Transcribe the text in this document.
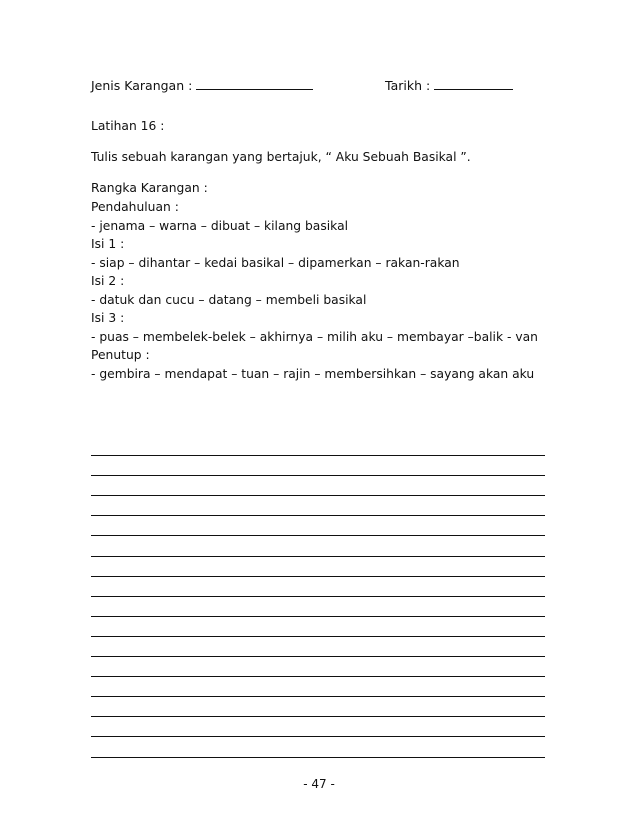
Jenis Karangan :	Tarikh :
Latihan 16 :
Tulis sebuah karangan yang bertajuk, “ Aku Sebuah Basikal ”.
Rangka Karangan :
Pendahuluan :
- jenama – warna – dibuat – kilang basikal
Isi 1 :
- siap – dihantar – kedai basikal – dipamerkan – rakan-rakan
Isi 2 :
- datuk dan cucu – datang – membeli basikal
Isi 3 :
- puas – membelek-belek – akhirnya – milih aku – membayar –balik - van
Penutup :
- gembira – mendapat – tuan – rajin – membersihkan – sayang akan aku
- 47 -
